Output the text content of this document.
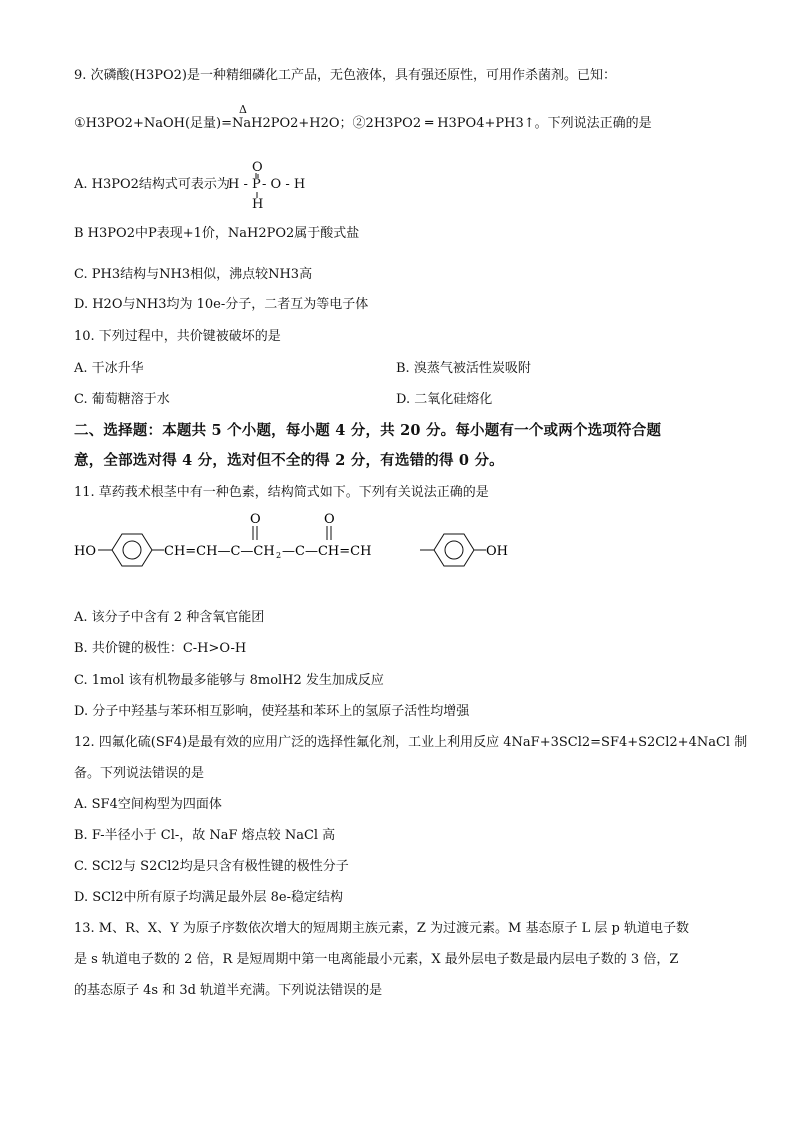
9. 次磷酸(H3PO2)是一种精细磷化工产品，无色液体，具有强还原性，可用作杀菌剂。已知：
Δ
①H3PO2+NaOH(足量)=NaH2PO2+H2O；②2H3PO2 ═ H3PO4+PH3↑。下列说法正确的是
A. H3PO2结构式可表示为
O
H - P - O - H
H
B H3PO2中P表现+1价，NaH2PO2属于酸式盐
C. PH3结构与NH3相似，沸点较NH3高
D. H2O与NH3均为 10e-分子，二者互为等电子体
10. 下列过程中，共价键被破坏的是
A. 干冰升华	B. 溴蒸气被活性炭吸附
C. 葡萄糖溶于水	D. 二氧化硅熔化
二、选择题：本题共 5 个小题，每小题 4 分，共 20 分。每小题有一个或两个选项符合题
意，全部选对得 4 分，选对但不全的得 2 分，有选错的得 0 分。
11. 草药莪术根茎中有一种色素，结构简式如下。下列有关说法正确的是
HO	CH=CH—C—CH 2 —C—CH=CH
O	O
OH
A. 该分子中含有 2 种含氧官能团
B. 共价键的极性：C-H>O-H
C. 1mol 该有机物最多能够与 8molH2 发生加成反应
D. 分子中羟基与苯环相互影响，使羟基和苯环上的氢原子活性均增强
12. 四氟化硫(SF4)是最有效的应用广泛的选择性氟化剂，工业上利用反应 4NaF+3SCl2=SF4+S2Cl2+4NaCl 制
备。下列说法错误的是
A. SF4空间构型为四面体
B. F-半径小于 Cl-，故 NaF 熔点较 NaCl 高
C. SCl2与 S2Cl2均是只含有极性键的极性分子
D. SCl2中所有原子均满足最外层 8e-稳定结构
13. M、R、X、Y 为原子序数依次增大的短周期主族元素，Z 为过渡元素。M 基态原子 L 层 p 轨道电子数
是 s 轨道电子数的 2 倍，R 是短周期中第一电离能最小元素，X 最外层电子数是最内层电子数的 3 倍，Z
的基态原子 4s 和 3d 轨道半充满。下列说法错误的是
